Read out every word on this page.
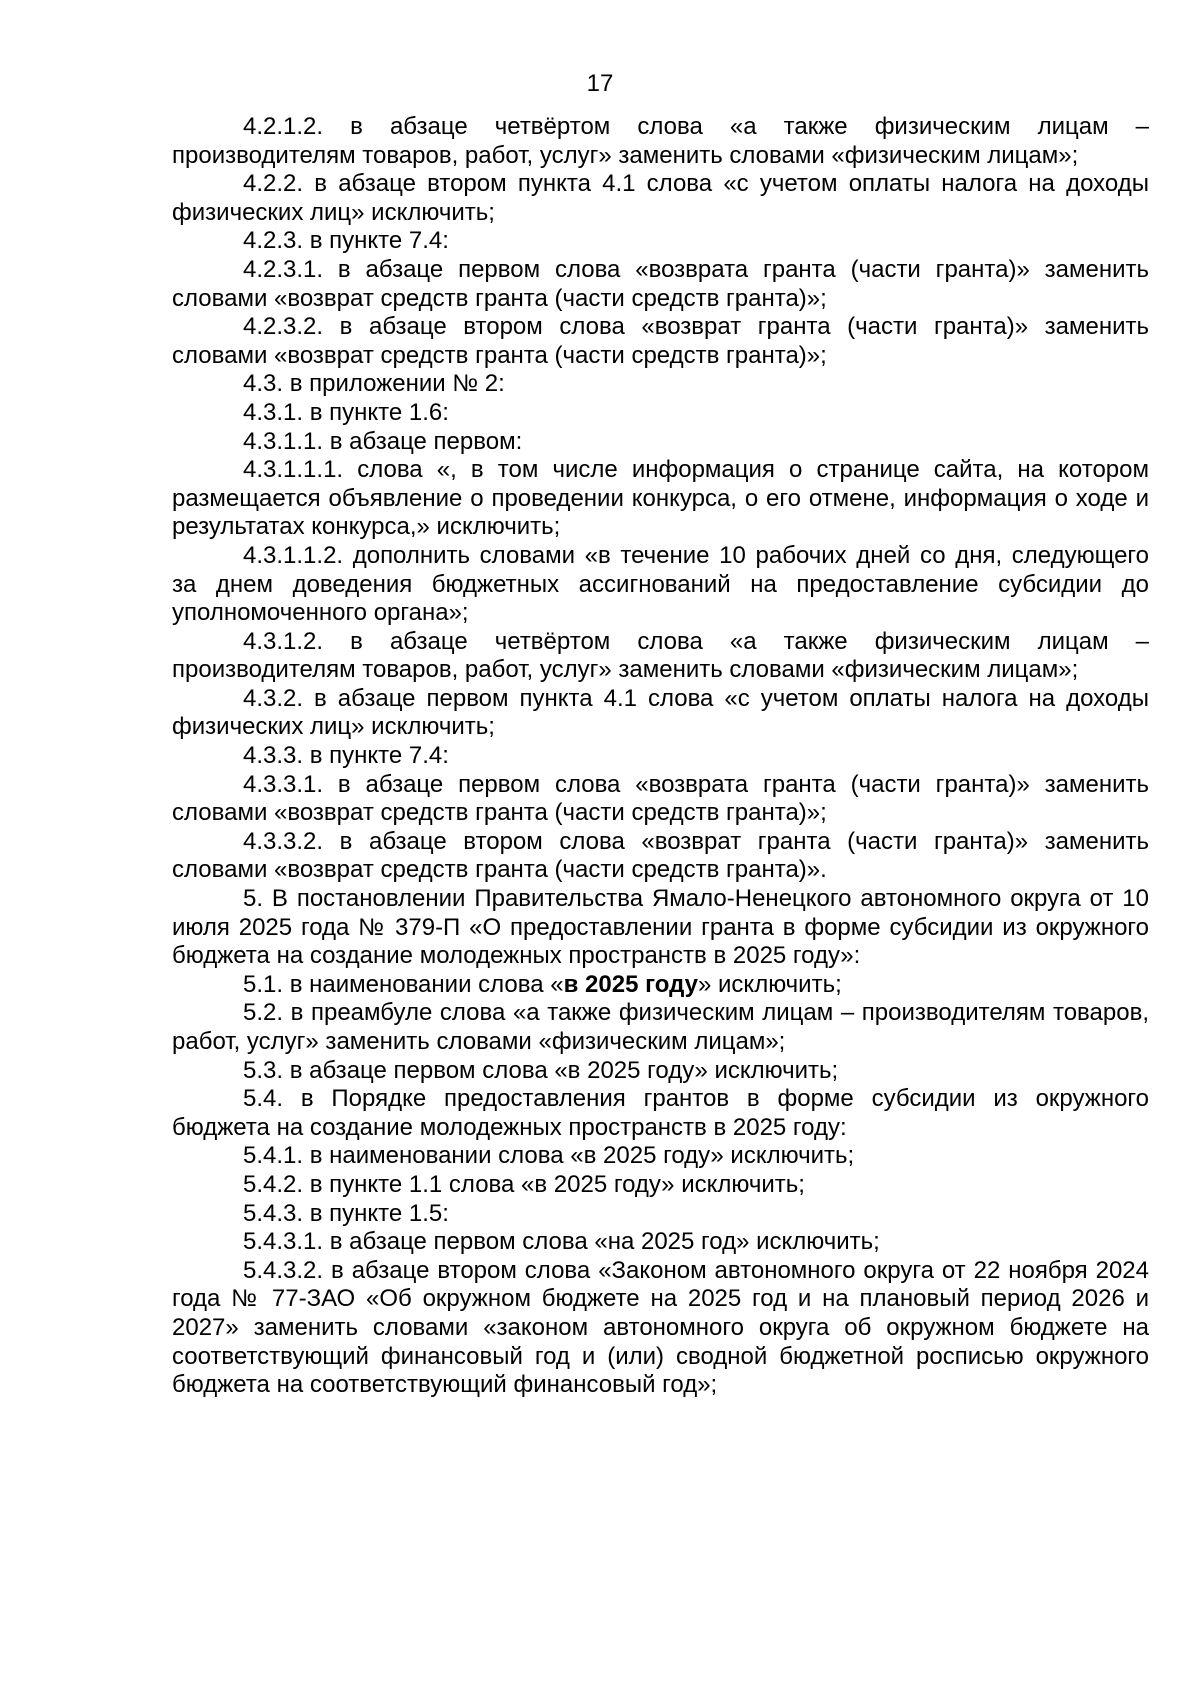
17

4.2.1.2. в абзаце четвёртом слова «а также физическим лицам – производителям товаров, работ, услуг» заменить словами «физическим лицам»;

4.2.2. в абзаце втором пункта 4.1 слова «с учетом оплаты налога на доходы физических лиц» исключить;

4.2.3. в пункте 7.4:

4.2.3.1. в абзаце первом слова «возврата гранта (части гранта)» заменить словами «возврат средств гранта (части средств гранта)»;

4.2.3.2. в абзаце втором слова «возврат гранта (части гранта)» заменить словами «возврат средств гранта (части средств гранта)»;

4.3. в приложении № 2:

4.3.1. в пункте 1.6:

4.3.1.1. в абзаце первом:

4.3.1.1.1. слова «, в том числе информация о странице сайта, на котором размещается объявление о проведении конкурса, о его отмене, информация о ходе и результатах конкурса,» исключить;

4.3.1.1.2. дополнить словами «в течение 10 рабочих дней со дня, следующего за днем доведения бюджетных ассигнований на предоставление субсидии до уполномоченного органа»;

4.3.1.2. в абзаце четвёртом слова «а также физическим лицам – производителям товаров, работ, услуг» заменить словами «физическим лицам»;

4.3.2. в абзаце первом пункта 4.1 слова «с учетом оплаты налога на доходы физических лиц» исключить;

4.3.3. в пункте 7.4:

4.3.3.1. в абзаце первом слова «возврата гранта (части гранта)» заменить словами «возврат средств гранта (части средств гранта)»;

4.3.3.2. в абзаце втором слова «возврат гранта (части гранта)» заменить словами «возврат средств гранта (части средств гранта)».

5. В постановлении Правительства Ямало-Ненецкого автономного округа от 10 июля 2025 года № 379-П «О предоставлении гранта в форме субсидии из окружного бюджета на создание молодежных пространств в 2025 году»:

5.1. в наименовании слова «в 2025 году» исключить;

5.2. в преамбуле слова «а также физическим лицам – производителям товаров, работ, услуг» заменить словами «физическим лицам»;

5.3. в абзаце первом слова «в 2025 году» исключить;

5.4. в Порядке предоставления грантов в форме субсидии из окружного бюджета на создание молодежных пространств в 2025 году:

5.4.1. в наименовании слова «в 2025 году» исключить;

5.4.2. в пункте 1.1 слова «в 2025 году» исключить;

5.4.3. в пункте 1.5:

5.4.3.1. в абзаце первом слова «на 2025 год» исключить;

5.4.3.2. в абзаце втором слова «Законом автономного округа от 22 ноября 2024 года № 77-ЗАО «Об окружном бюджете на 2025 год и на плановый период 2026 и 2027» заменить словами «законом автономного округа об окружном бюджете на соответствующий финансовый год и (или) сводной бюджетной росписью окружного бюджета на соответствующий финансовый год»;
